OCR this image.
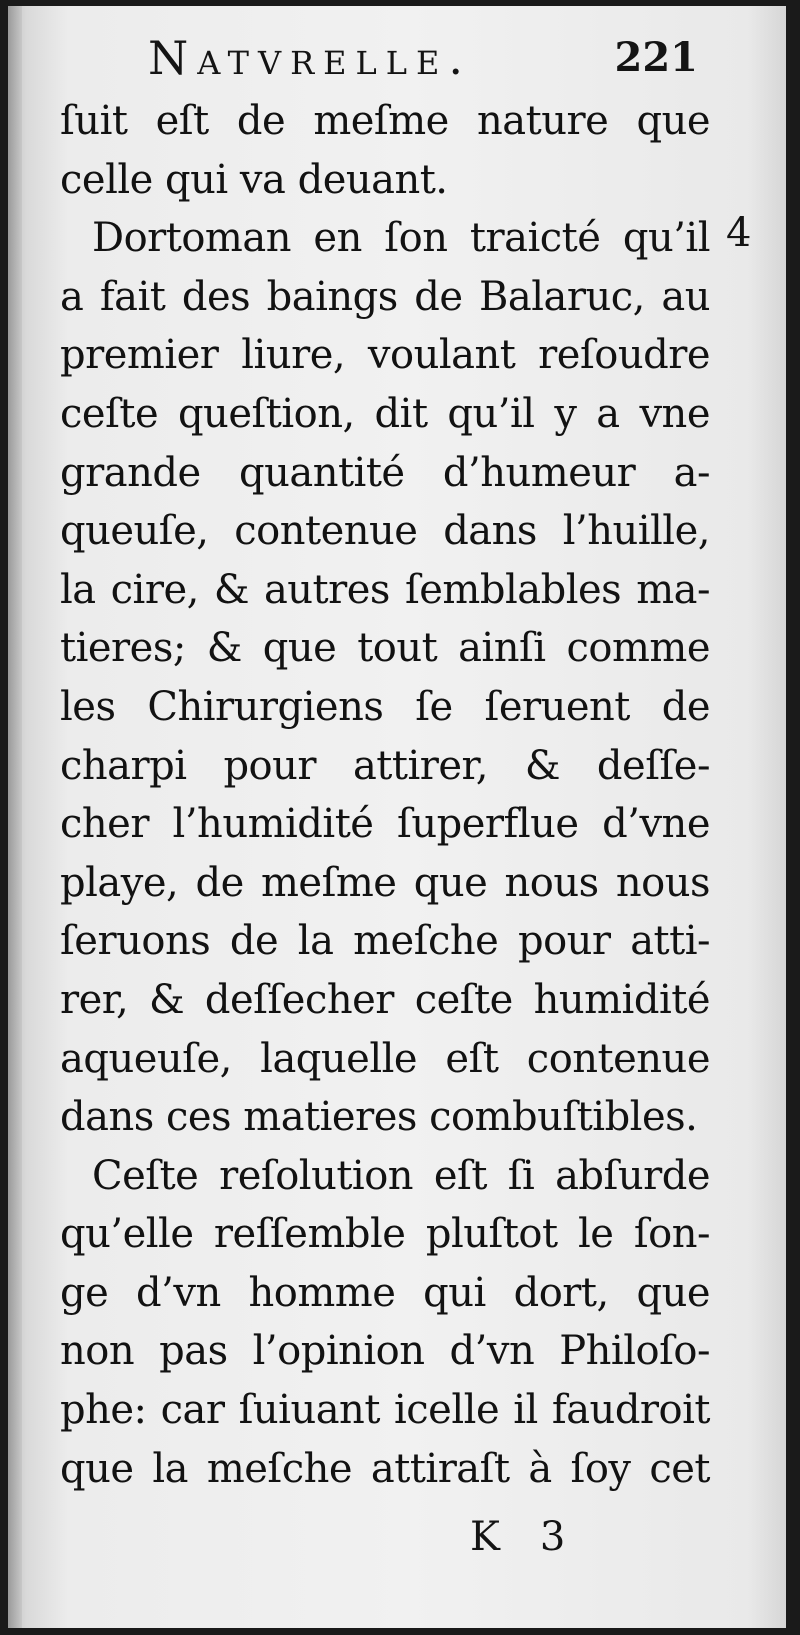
Natvrelle.	221
4
ſuit eſt de meſme nature que
celle qui va deuant.
Dortoman en ſon traicté qu’il
a fait des baings de Balaruc, au
premier liure, voulant reſoudre
ceſte queſtion, dit qu’il y a vne
grande quantité d’humeur a-
queuſe, contenue dans l’huille,
la cire, & autres ſemblables ma-
tieres; & que tout ainſi comme
les Chirurgiens ſe ſeruent de
charpi pour attirer, & deſſe-
cher l’humidité ſuperflue d’vne
playe, de meſme que nous nous
ſeruons de la meſche pour atti-
rer, & deſſecher ceſte humidité
aqueuſe, laquelle eſt contenue
dans ces matieres combuſtibles.
Ceſte reſolution eſt ſi abſurde
qu’elle reſſemble pluſtot le ſon-
ge d’vn homme qui dort, que
non pas l’opinion d’vn Philoſo-
phe: car ſuiuant icelle il faudroit
que la meſche attiraſt à ſoy cet
K 3
